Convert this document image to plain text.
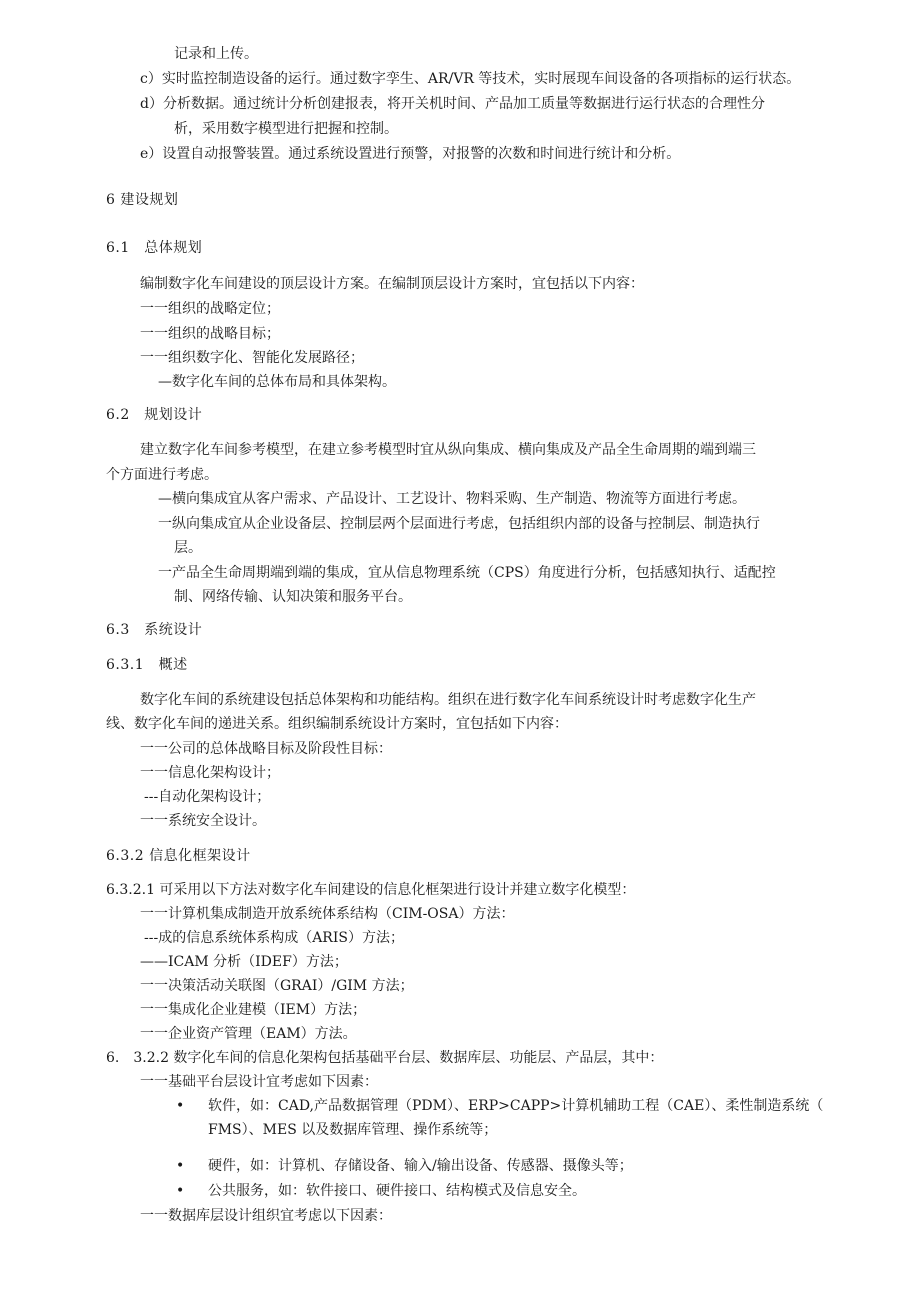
记录和上传。
c）实时监控制造设备的运行。通过数字孪生、AR/VR 等技术，实时展现车间设备的各项指标的运行状态。
d）分析数据。通过统计分析创建报表，将开关机时间、产品加工质量等数据进行运行状态的合理性分
析，采用数字模型进行把握和控制。
e）设置自动报警装置。通过系统设置进行预警，对报警的次数和时间进行统计和分析。
6 建设规划
6.1　总体规划
编制数字化车间建设的顶层设计方案。在编制顶层设计方案时，宜包括以下内容：
一一组织的战略定位；
一一组织的战略目标；
一一组织数字化、智能化发展路径；
—数字化车间的总体布局和具体架构。
6.2　规划设计
建立数字化车间参考模型，在建立参考模型时宜从纵向集成、横向集成及产品全生命周期的端到端三
个方面进行考虑。
—横向集成宜从客户需求、产品设计、工艺设计、物料采购、生产制造、物流等方面进行考虑。
一纵向集成宜从企业设备层、控制层两个层面进行考虑，包括组织内部的设备与控制层、制造执行
层。
一产品全生命周期端到端的集成，宜从信息物理系统（CPS）角度进行分析，包括感知执行、适配控
制、网络传输、认知决策和服务平台。
6.3　系统设计
6.3.1　概述
数字化车间的系统建设包括总体架构和功能结构。组织在进行数字化车间系统设计时考虑数字化生产
线、数字化车间的递进关系。组织编制系统设计方案时，宜包括如下内容：
一一公司的总体战略目标及阶段性目标：
一一信息化架构设计；
---自动化架构设计；
一一系统安全设计。
6.3.2 信息化框架设计
6.3.2.1 可采用以下方法对数字化车间建设的信息化框架进行设计并建立数字化模型：
一一计算机集成制造开放系统体系结构（CIM-OSA）方法：
---成的信息系统体系构成（ARIS）方法；
——ICAM 分析（IDEF）方法；
一一决策活动关联图（GRAI）/GIM 方法；
一一集成化企业建模（IEM）方法；
一一企业资产管理（EAM）方法。
6.　3.2.2 数字化车间的信息化架构包括基础平台层、数据库层、功能层、产品层，其中：
一一基础平台层设计宜考虑如下因素：
• 软件，如：CAD,产品数据管理（PDM）、ERP>CAPP>计算机辅助工程（CAE）、柔性制造系统（
FMS）、MES 以及数据库管理、操作系统等；
• 硬件，如：计算机、存储设备、输入/输出设备、传感器、摄像头等；
• 公共服务，如：软件接口、硬件接口、结构模式及信息安全。
一一数据库层设计组织宜考虑以下因素：
